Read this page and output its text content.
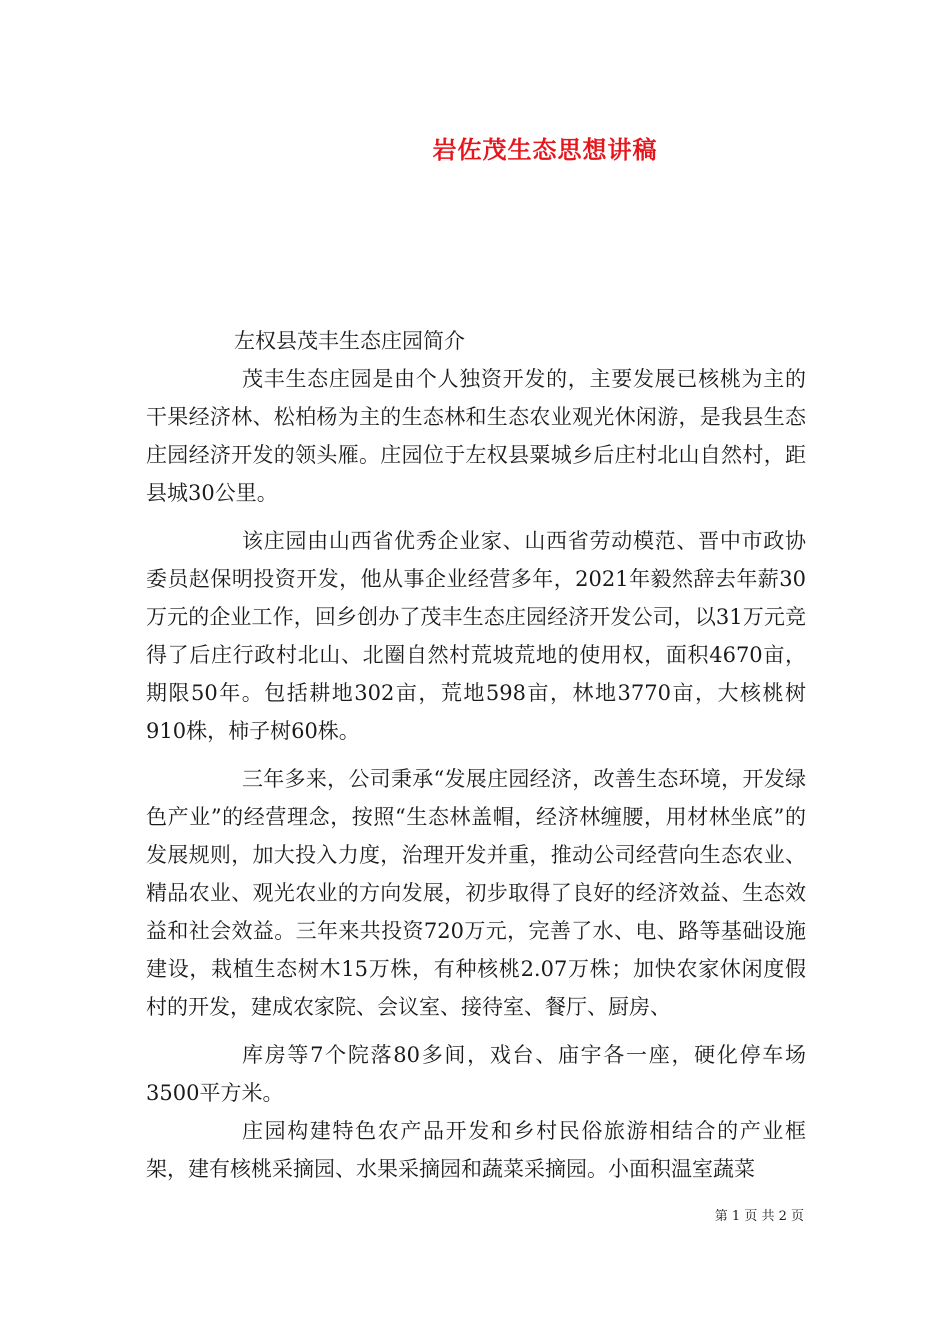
岩佐茂生态思想讲稿

左权县茂丰生态庄园简介

茂丰生态庄园是由个人独资开发的，主要发展已核桃为主的干果经济林、松柏杨为主的生态林和生态农业观光休闲游，是我县生态庄园经济开发的领头雁。庄园位于左权县粟城乡后庄村北山自然村，距县城30公里。

该庄园由山西省优秀企业家、山西省劳动模范、晋中市政协委员赵保明投资开发，他从事企业经营多年，2021年毅然辞去年薪30万元的企业工作，回乡创办了茂丰生态庄园经济开发公司，以31万元竞得了后庄行政村北山、北圈自然村荒坡荒地的使用权，面积4670亩，期限50年。包括耕地302亩，荒地598亩，林地3770亩，大核桃树910株，柿子树60株。

三年多来，公司秉承“发展庄园经济，改善生态环境，开发绿色产业”的经营理念，按照“生态林盖帽，经济林缠腰，用材林坐底”的发展规则，加大投入力度，治理开发并重，推动公司经营向生态农业、精品农业、观光农业的方向发展，初步取得了良好的经济效益、生态效益和社会效益。三年来共投资720万元，完善了水、电、路等基础设施建设，栽植生态树木15万株，有种核桃2.07万株；加快农家休闲度假村的开发，建成农家院、会议室、接待室、餐厅、厨房、

库房等7个院落80多间，戏台、庙宇各一座，硬化停车场3500平方米。

庄园构建特色农产品开发和乡村民俗旅游相结合的产业框架，建有核桃采摘园、水果采摘园和蔬菜采摘园。小面积温室蔬菜

第 1 页 共 2 页
